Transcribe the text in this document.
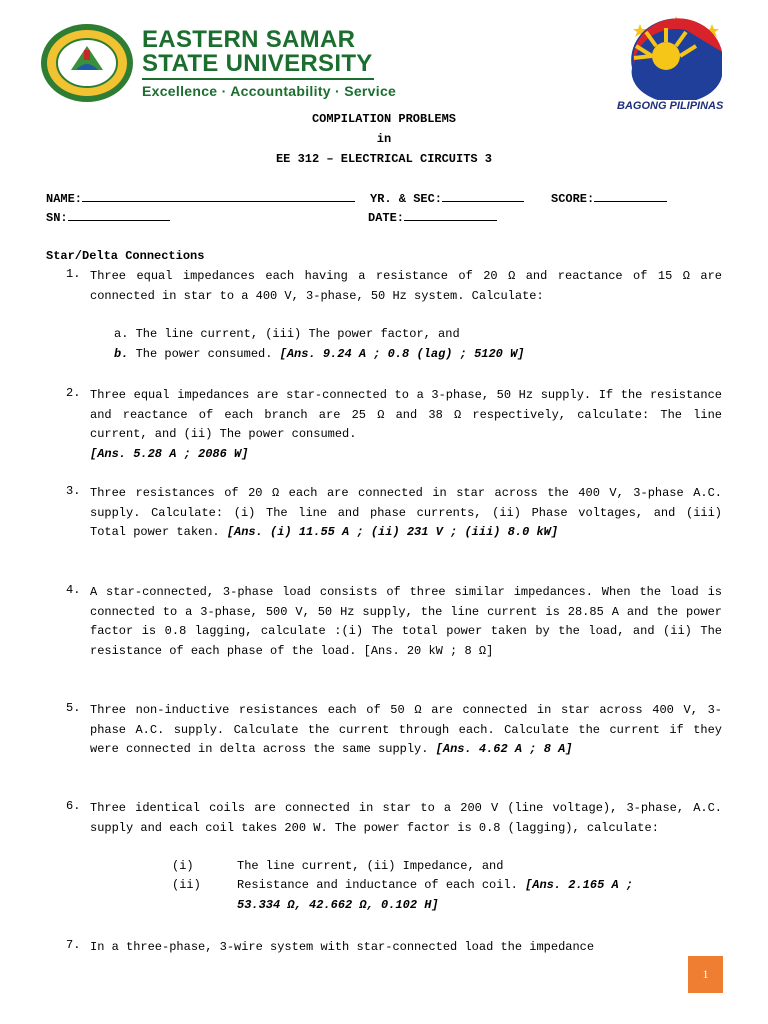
EASTERN SAMAR
STATE UNIVERSITY
Excellence · Accountability · Service
BAGONG PILIPINAS
COMPILATION PROBLEMS
in
EE 312 – ELECTRICAL CIRCUITS 3
NAME:	YR. & SEC:	SCORE:
SN:	DATE:
Star/Delta Connections
1. Three equal impedances each having a resistance of 20 Ω and reactance of 15 Ω are connected in star to a 400 V, 3-phase, 50 Hz system. Calculate:
a. The line current, (iii) The power factor, and
b. The power consumed. [Ans. 9.24 A ; 0.8 (lag) ; 5120 W]
2. Three equal impedances are star-connected to a 3-phase, 50 Hz supply. If the resistance and reactance of each branch are 25 Ω and 38 Ω respectively, calculate: The line current, and (ii) The power consumed.
[Ans. 5.28 A ; 2086 W]
3. Three resistances of 20 Ω each are connected in star across the 400 V, 3-phase A.C. supply. Calculate: (i) The line and phase currents, (ii) Phase voltages, and (iii) Total power taken. [Ans. (i) 11.55 A ; (ii) 231 V ; (iii) 8.0 kW]
4. A star-connected, 3-phase load consists of three similar impedances. When the load is connected to a 3-phase, 500 V, 50 Hz supply, the line current is 28.85 A and the power factor is 0.8 lagging, calculate :(i) The total power taken by the load, and (ii) The resistance of each phase of the load. [Ans. 20 kW ; 8 Ω]
5. Three non-inductive resistances each of 50 Ω are connected in star across 400 V, 3-phase A.C. supply. Calculate the current through each. Calculate the current if they were connected in delta across the same supply. [Ans. 4.62 A ; 8 A]
6. Three identical coils are connected in star to a 200 V (line voltage), 3-phase, A.C. supply and each coil takes 200 W. The power factor is 0.8 (lagging), calculate:
(i)	The line current, (ii) Impedance, and
(ii)	Resistance and inductance of each coil. [Ans. 2.165 A ;
53.334 Ω, 42.662 Ω, 0.102 H]
7. In a three-phase, 3-wire system with star-connected load the impedance
1
